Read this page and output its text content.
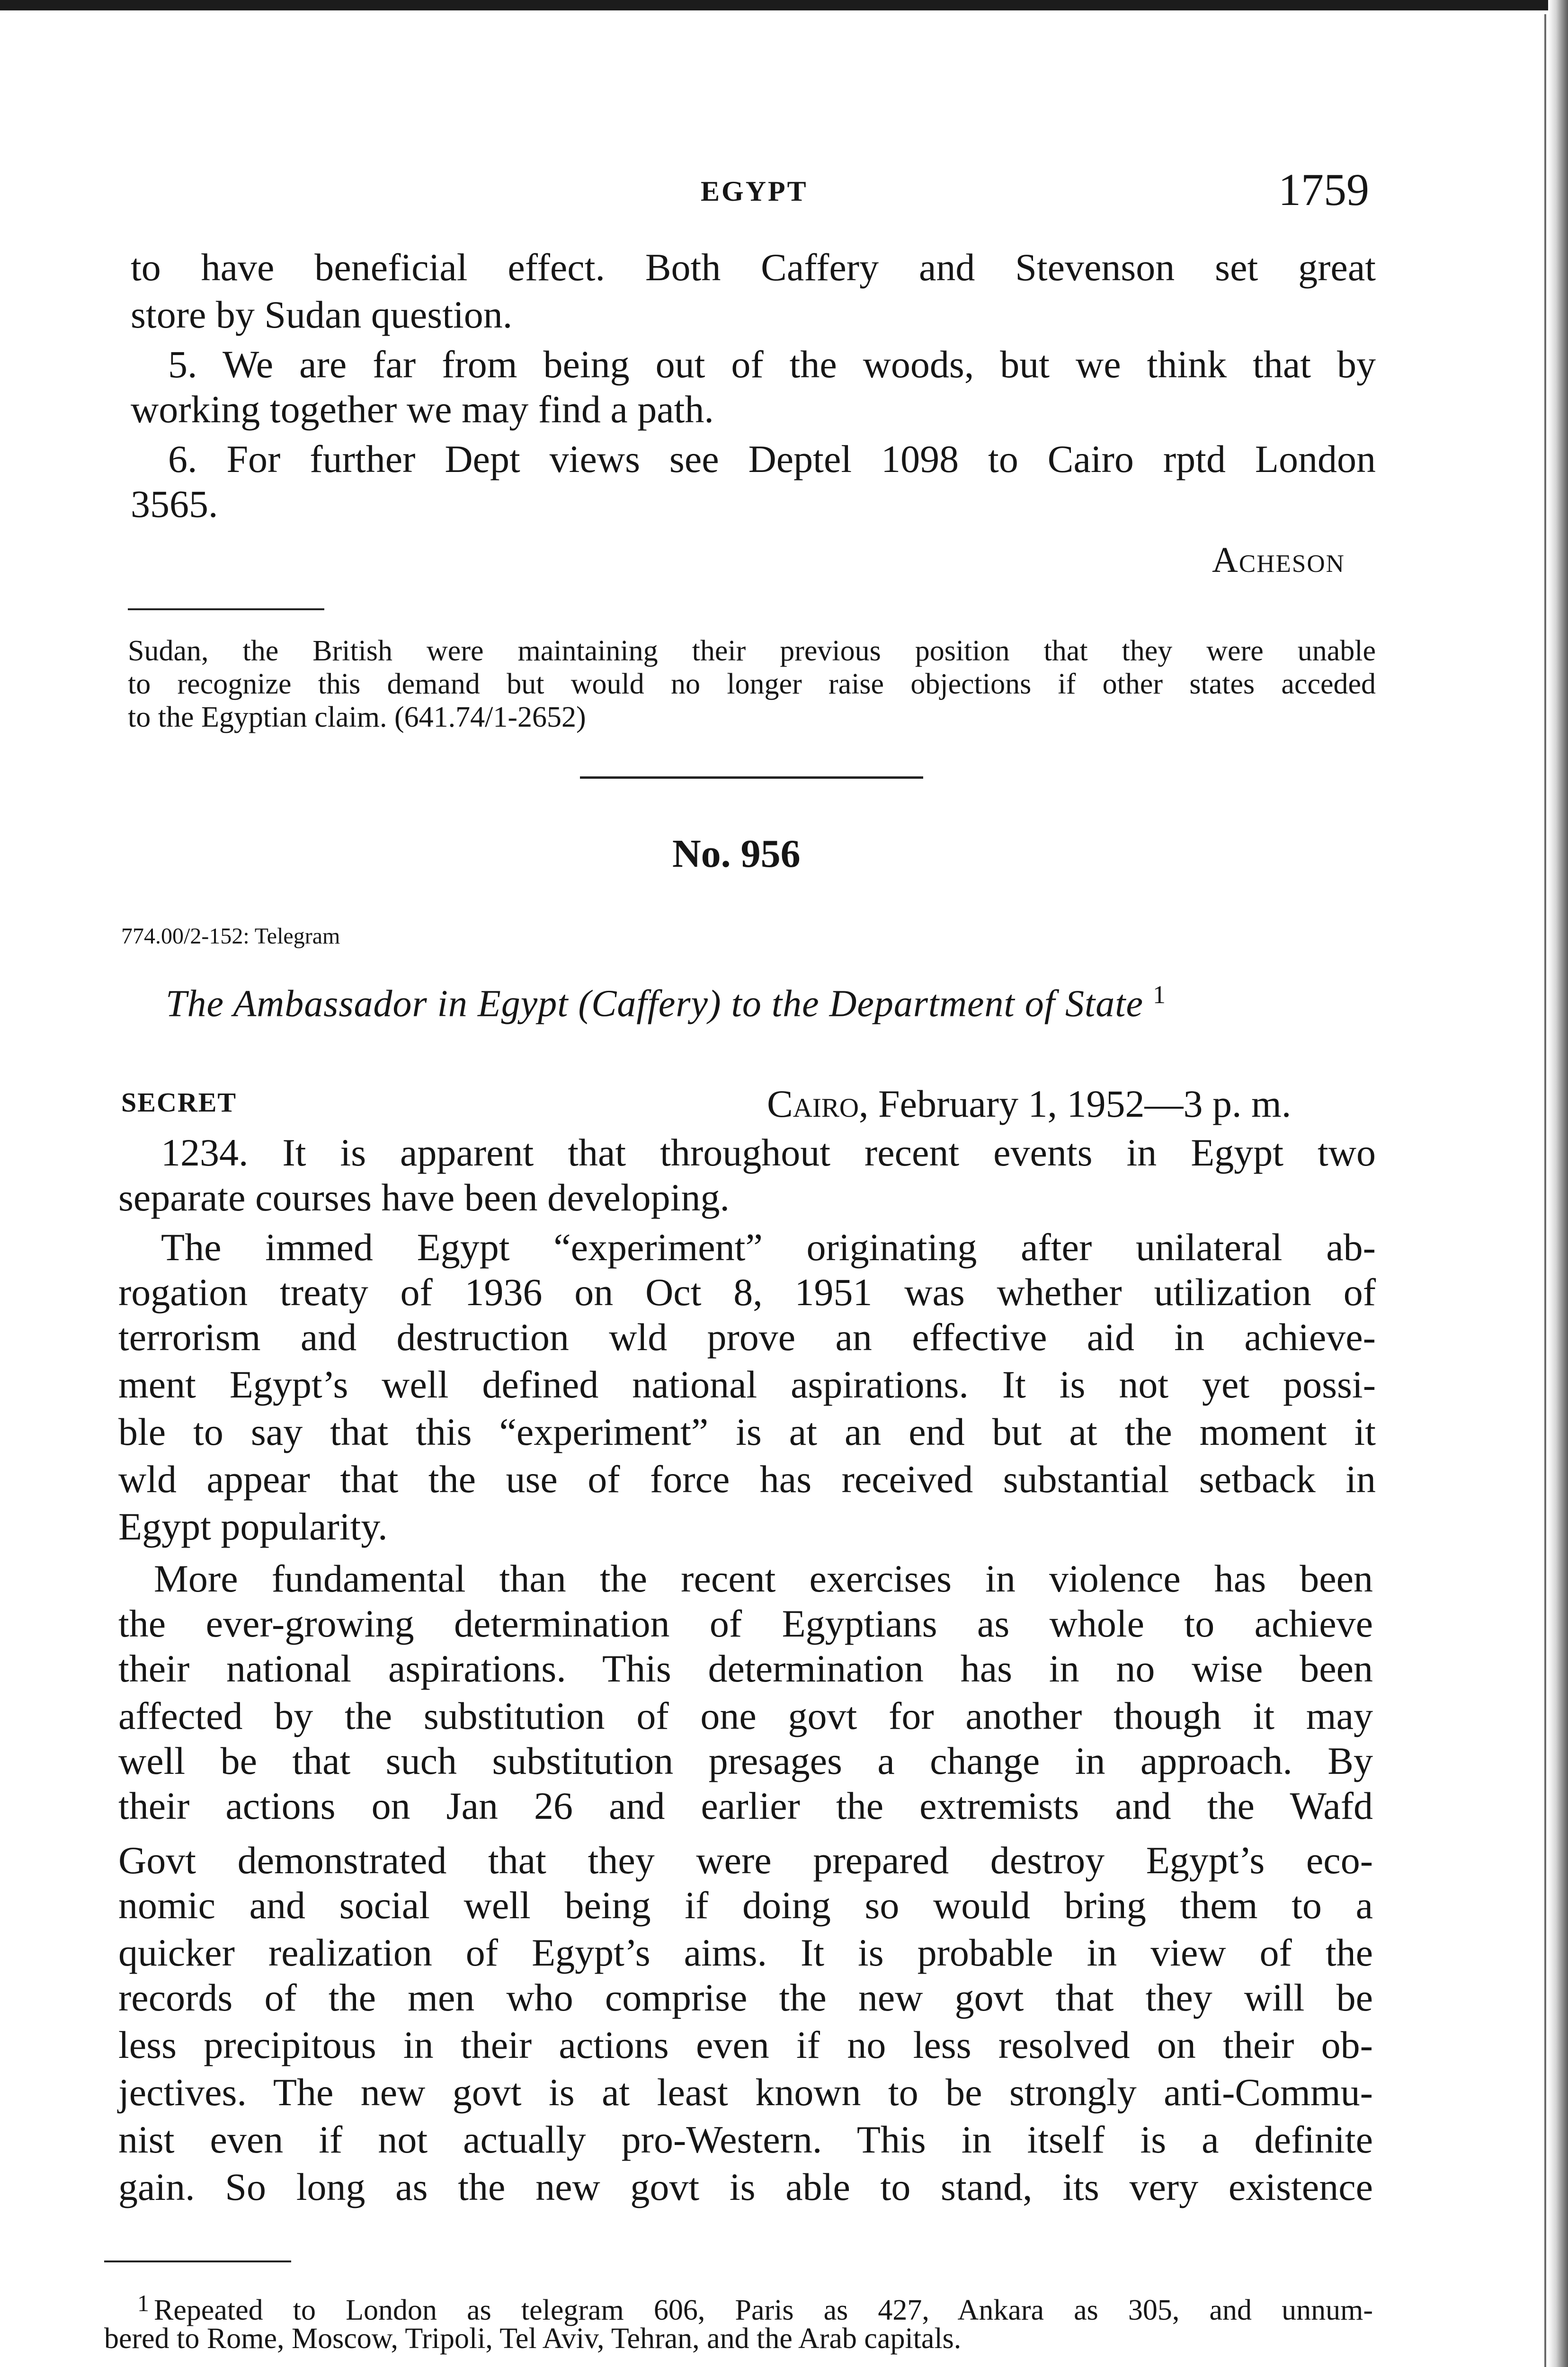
EGYPT	1759
to have beneficial effect. Both Caffery and Stevenson set great
store by Sudan question.
5. We are far from being out of the woods, but we think that by
working together we may find a path.
6. For further Dept views see Deptel 1098 to Cairo rptd London
3565.
Acheson
Sudan, the British were maintaining their previous position that they were unable
to recognize this demand but would no longer raise objections if other states acceded
to the Egyptian claim. (641.74/1-2652)
No. 956
774.00/2-152: Telegram
The Ambassador in Egypt (Caffery) to the Department of State $^1$
SECRET	Cairo, February 1, 1952—3 p. m.
1234. It is apparent that throughout recent events in Egypt two
separate courses have been developing.
The immed Egypt “experiment” originating after unilateral ab-
rogation treaty of 1936 on Oct 8, 1951 was whether utilization of
terrorism and destruction wld prove an effective aid in achieve-
ment Egypt’s well defined national aspirations. It is not yet possi-
ble to say that this “experiment” is at an end but at the moment it
wld appear that the use of force has received substantial setback in
Egypt popularity.
More fundamental than the recent exercises in violence has been
the ever-growing determination of Egyptians as whole to achieve
their national aspirations. This determination has in no wise been
affected by the substitution of one govt for another though it may
well be that such substitution presages a change in approach. By
their actions on Jan 26 and earlier the extremists and the Wafd
Govt demonstrated that they were prepared destroy Egypt’s eco-
nomic and social well being if doing so would bring them to a
quicker realization of Egypt’s aims. It is probable in view of the
records of the men who comprise the new govt that they will be
less precipitous in their actions even if no less resolved on their ob-
jectives. The new govt is at least known to be strongly anti-Commu-
nist even if not actually pro-Western. This in itself is a definite
gain. So long as the new govt is able to stand, its very existence
$^1$ Repeated to London as telegram 606, Paris as 427, Ankara as 305, and unnum-
bered to Rome, Moscow, Tripoli, Tel Aviv, Tehran, and the Arab capitals.
